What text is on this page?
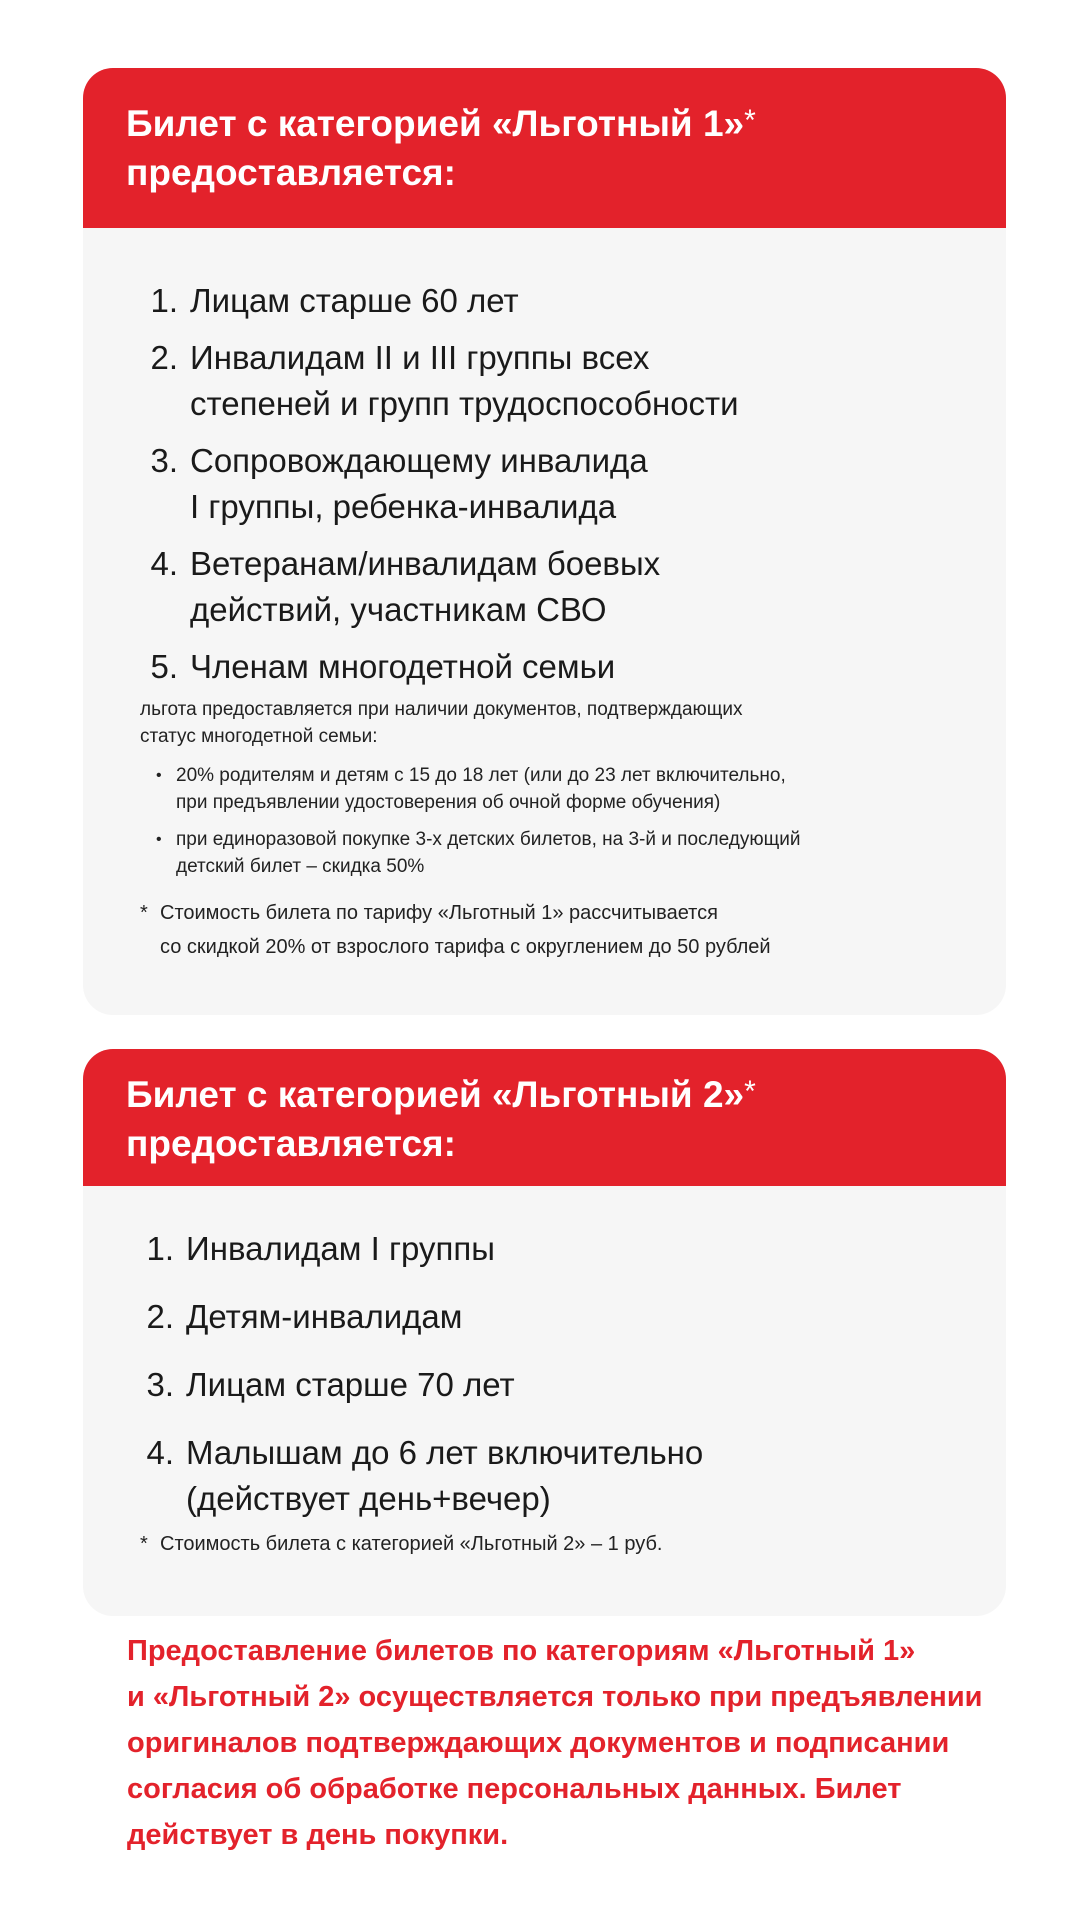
Билет с категорией «Льготный 1»*
предоставляется:
1. Лицам старше 60 лет
2. Инвалидам II и III группы всех
степеней и групп трудоспособности
3. Сопровождающему инвалида
I группы, ребенка-инвалида
4. Ветеранам/инвалидам боевых
действий, участникам СВО
5. Членам многодетной семьи
льгота предоставляется при наличии документов, подтверждающих
статус многодетной семьи:
• 20% родителям и детям с 15 до 18 лет (или до 23 лет включительно,
при предъявлении удостоверения об очной форме обучения)
• при единоразовой покупке 3-х детских билетов, на 3-й и последующий
детский билет – скидка 50%
* Стоимость билета по тарифу «Льготный 1» рассчитывается
со скидкой 20% от взрослого тарифа с округлением до 50 рублей
Билет с категорией «Льготный 2»*
предоставляется:
1. Инвалидам I группы
2. Детям-инвалидам
3. Лицам старше 70 лет
4. Малышам до 6 лет включительно
(действует день+вечер)
* Стоимость билета с категорией «Льготный 2» – 1 руб.
Предоставление билетов по категориям «Льготный 1»
и «Льготный 2» осуществляется только при предъявлении
оригиналов подтверждающих документов и подписании
согласия об обработке персональных данных. Билет
действует в день покупки.
